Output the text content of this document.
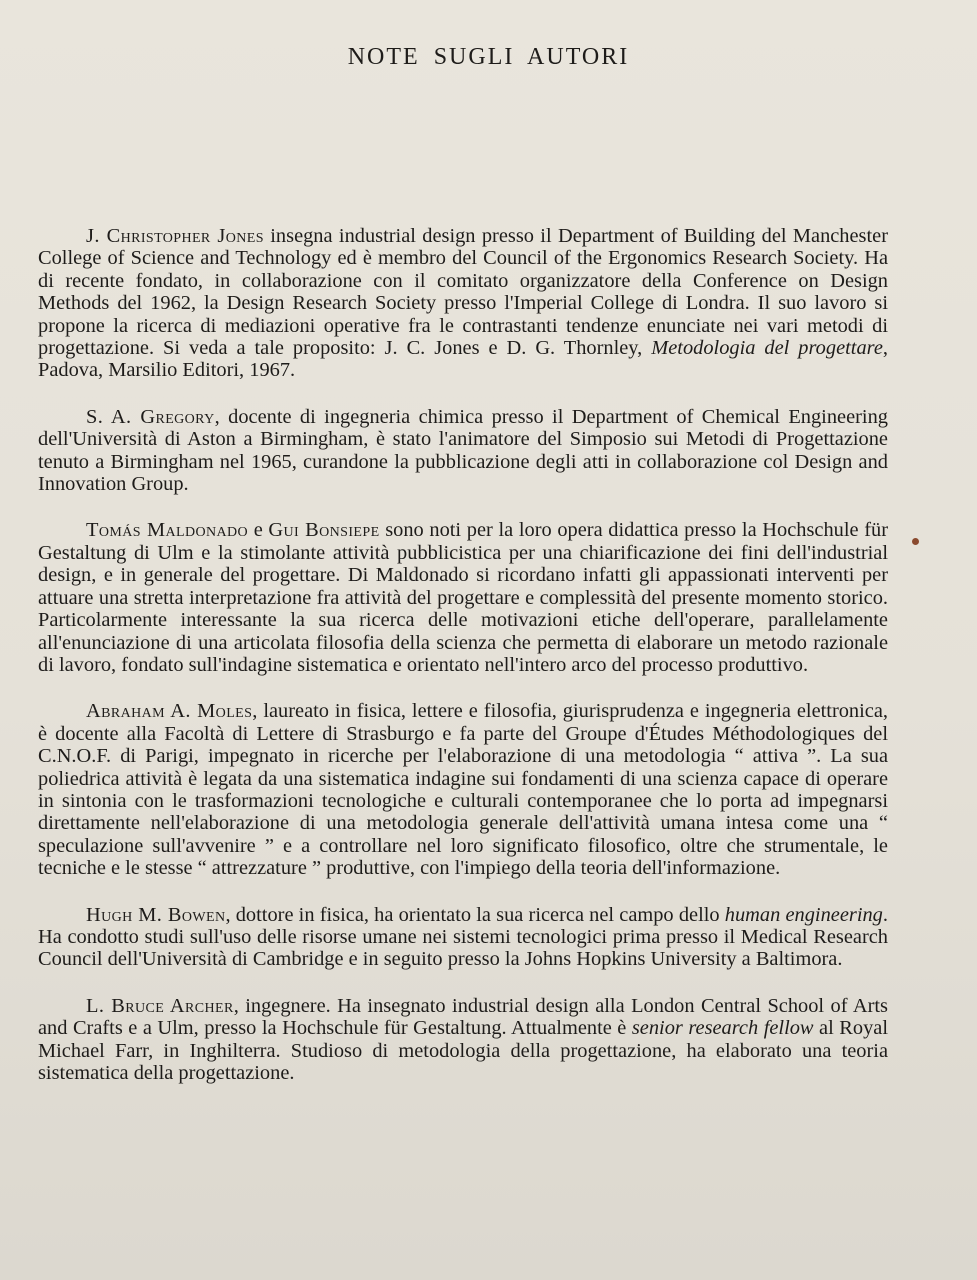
NOTE SUGLI AUTORI

J. Christopher Jones insegna industrial design presso il Department of Building del Manchester College of Science and Technology ed è membro del Council of the Ergonomics Research Society. Ha di recente fondato, in collaborazione con il comitato organizzatore della Conference on Design Methods del 1962, la Design Research Society presso l'Imperial College di Londra. Il suo lavoro si propone la ricerca di mediazioni operative fra le contrastanti tendenze enunciate nei vari metodi di progettazione. Si veda a tale proposito: J. C. Jones e D. G. Thornley, Metodologia del progettare, Padova, Marsilio Editori, 1967.

S. A. Gregory, docente di ingegneria chimica presso il Department of Chemical Engineering dell'Università di Aston a Birmingham, è stato l'animatore del Simposio sui Metodi di Progettazione tenuto a Birmingham nel 1965, curandone la pubblicazione degli atti in collaborazione col Design and Innovation Group.

Tomás Maldonado e Gui Bonsiepe sono noti per la loro opera didattica presso la Hochschule für Gestaltung di Ulm e la stimolante attività pubblicistica per una chiarificazione dei fini dell'industrial design, e in generale del progettare. Di Maldonado si ricordano infatti gli appassionati interventi per attuare una stretta interpretazione fra attività del progettare e complessità del presente momento storico. Particolarmente interessante la sua ricerca delle motivazioni etiche dell'operare, parallelamente all'enunciazione di una articolata filosofia della scienza che permetta di elaborare un metodo razionale di lavoro, fondato sull'indagine sistematica e orientato nell'intero arco del processo produttivo.

Abraham A. Moles, laureato in fisica, lettere e filosofia, giurisprudenza e ingegneria elettronica, è docente alla Facoltà di Lettere di Strasburgo e fa parte del Groupe d'Études Méthodologiques del C.N.O.F. di Parigi, impegnato in ricerche per l'elaborazione di una metodologia “ attiva ”. La sua poliedrica attività è legata da una sistematica indagine sui fondamenti di una scienza capace di operare in sintonia con le trasformazioni tecnologiche e culturali contemporanee che lo porta ad impegnarsi direttamente nell'elaborazione di una metodologia generale dell'attività umana intesa come una “ speculazione sull'avvenire ” e a controllare nel loro significato filosofico, oltre che strumentale, le tecniche e le stesse “ attrezzature ” produttive, con l'impiego della teoria dell'informazione.

Hugh M. Bowen, dottore in fisica, ha orientato la sua ricerca nel campo dello human engineering. Ha condotto studi sull'uso delle risorse umane nei sistemi tecnologici prima presso il Medical Research Council dell'Università di Cambridge e in seguito presso la Johns Hopkins University a Baltimora.

L. Bruce Archer, ingegnere. Ha insegnato industrial design alla London Central School of Arts and Crafts e a Ulm, presso la Hochschule für Gestaltung. Attualmente è senior research fellow al Royal Michael Farr, in Inghilterra. Studioso di metodologia della progettazione, ha elaborato una teoria sistematica della progettazione.
